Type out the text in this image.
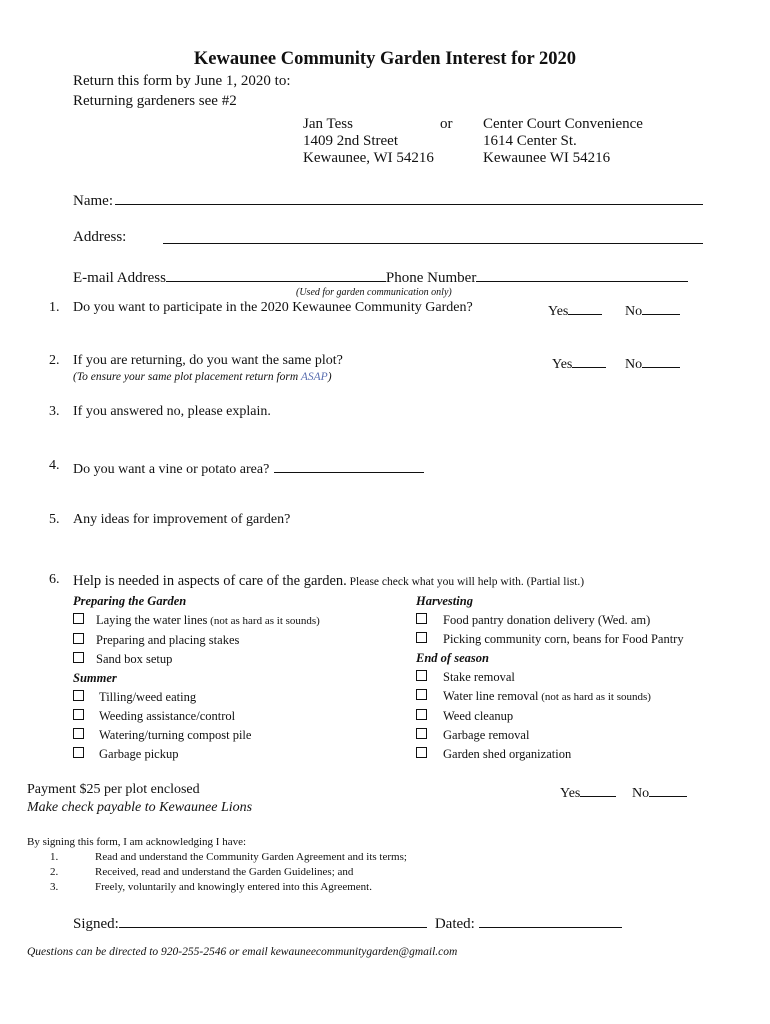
Kewaunee Community Garden Interest for 2020
Return this form by June 1, 2020 to:
Returning gardeners see #2
Jan Tess
1409 2nd Street
Kewaunee, WI 54216
or Center Court Convenience
1614 Center St.
Kewaunee WI 54216
Name:
Address:
E-mail Address	Phone Number
(Used for garden communication only)
1. Do you want to participate in the 2020 Kewaunee Community Garden?	Yes	No
2. If you are returning, do you want the same plot?	Yes	No
(To ensure your same plot placement return form ASAP)
3. If you answered no, please explain.
4. Do you want a vine or potato area?
5. Any ideas for improvement of garden?
6. Help is needed in aspects of care of the garden. Please check what you will help with. (Partial list.)
Preparing the Garden
Laying the water lines (not as hard as it sounds)
Preparing and placing stakes
Sand box setup
Summer
Tilling/weed eating
Weeding assistance/control
Watering/turning compost pile
Garbage pickup
Harvesting
Food pantry donation delivery (Wed. am)
Picking community corn, beans for Food Pantry
End of season
Stake removal
Water line removal (not as hard as it sounds)
Weed cleanup
Garbage removal
Garden shed organization
Payment $25 per plot enclosed
Make check payable to Kewaunee Lions
Yes	No
By signing this form, I am acknowledging I have:
1.
2.
3.
Read and understand the Community Garden Agreement and its terms;
Received, read and understand the Garden Guidelines; and
Freely, voluntarily and knowingly entered into this Agreement.
Signed:	Dated:
Questions can be directed to 920-255-2546 or email kewauneecommunitygarden@gmail.com
